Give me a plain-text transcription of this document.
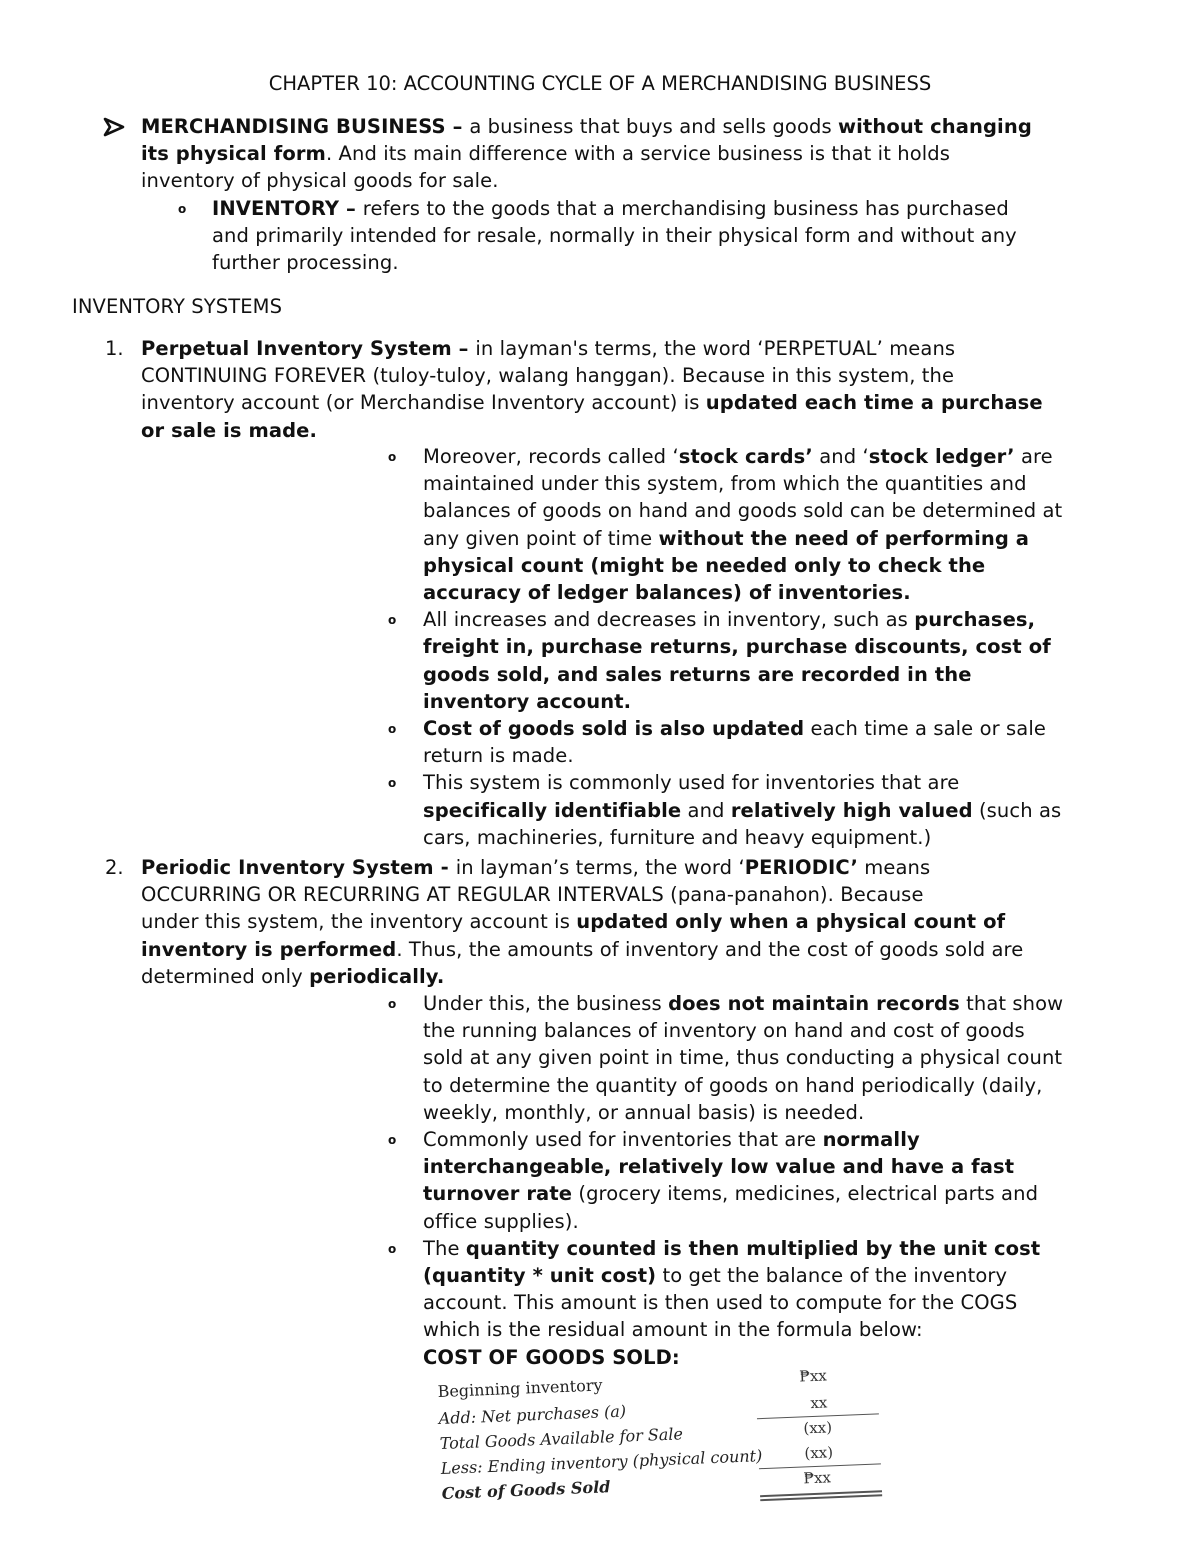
CHAPTER 10: ACCOUNTING CYCLE OF A MERCHANDISING BUSINESS
MERCHANDISING BUSINESS – a business that buys and sells goods without changing
its physical form. And its main difference with a service business is that it holds
inventory of physical goods for sale.
o INVENTORY – refers to the goods that a merchandising business has purchased
and primarily intended for resale, normally in their physical form and without any
further processing.
INVENTORY SYSTEMS
1. Perpetual Inventory System – in layman's terms, the word ‘PERPETUAL’ means
CONTINUING FOREVER (tuloy-tuloy, walang hanggan). Because in this system, the
inventory account (or Merchandise Inventory account) is updated each time a purchase
or sale is made.
o Moreover, records called ‘stock cards’ and ‘stock ledger’ are
maintained under this system, from which the quantities and
balances of goods on hand and goods sold can be determined at
any given point of time without the need of performing a
physical count (might be needed only to check the
accuracy of ledger balances) of inventories.
o All increases and decreases in inventory, such as purchases,
freight in, purchase returns, purchase discounts, cost of
goods sold, and sales returns are recorded in the
inventory account.
o Cost of goods sold is also updated each time a sale or sale
return is made.
o This system is commonly used for inventories that are
specifically identifiable and relatively high valued (such as
cars, machineries, furniture and heavy equipment.)
2. Periodic Inventory System - in layman’s terms, the word ‘PERIODIC’ means
OCCURRING OR RECURRING AT REGULAR INTERVALS (pana-panahon). Because
under this system, the inventory account is updated only when a physical count of
inventory is performed. Thus, the amounts of inventory and the cost of goods sold are
determined only periodically.
o Under this, the business does not maintain records that show
the running balances of inventory on hand and cost of goods
sold at any given point in time, thus conducting a physical count
to determine the quantity of goods on hand periodically (daily,
weekly, monthly, or annual basis) is needed.
o Commonly used for inventories that are normally
interchangeable, relatively low value and have a fast
turnover rate (grocery items, medicines, electrical parts and
office supplies).
o The quantity counted is then multiplied by the unit cost
(quantity * unit cost) to get the balance of the inventory
account. This amount is then used to compute for the COGS
which is the residual amount in the formula below:
COST OF GOODS SOLD:
Beginning inventory
Add: Net purchases (a)
Total Goods Available for Sale
Less: Ending inventory (physical count)
Cost of Goods Sold
₱xx
xx
(xx)
(xx)
₱xx
